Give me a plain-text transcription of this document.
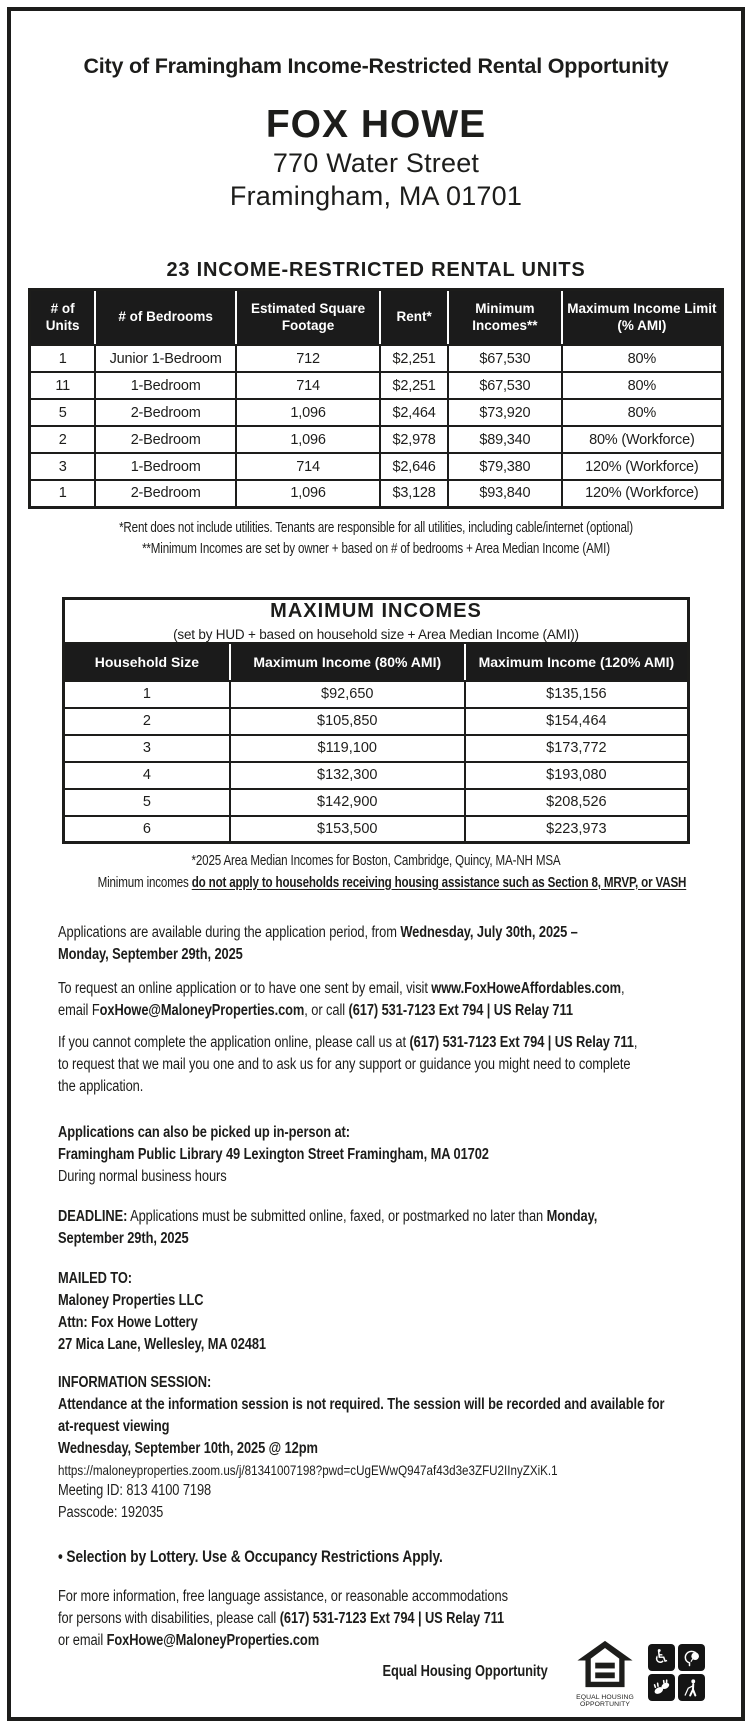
City of Framingham Income-Restricted Rental Opportunity
FOX HOWE
770 Water Street
Framingham, MA 01701
23 INCOME-RESTRICTED RENTAL UNITS
# of Units	# of Bedrooms	Estimated Square Footage	Rent*	Minimum Incomes**	Maximum Income Limit (% AMI)
1	Junior 1-Bedroom	712	$2,251	$67,530	80%
11	1-Bedroom	714	$2,251	$67,530	80%
5	2-Bedroom	1,096	$2,464	$73,920	80%
2	2-Bedroom	1,096	$2,978	$89,340	80% (Workforce)
3	1-Bedroom	714	$2,646	$79,380	120% (Workforce)
1	2-Bedroom	1,096	$3,128	$93,840	120% (Workforce)
*Rent does not include utilities. Tenants are responsible for all utilities, including cable/internet (optional)
**Minimum Incomes are set by owner + based on # of bedrooms + Area Median Income (AMI)
MAXIMUM INCOMES
(set by HUD + based on household size + Area Median Income (AMI))		

Household Size	Maximum Income (80% AMI)	Maximum Income (120% AMI)
1	$92,650	$135,156
2	$105,850	$154,464
3	$119,100	$173,772
4	$132,300	$193,080
5	$142,900	$208,526
6	$153,500	$223,973
*2025 Area Median Incomes for Boston, Cambridge, Quincy, MA-NH MSA
Minimum incomes do not apply to households receiving housing assistance such as Section 8, MRVP, or VASH

Applications are available during the application period, from Wednesday, July 30th, 2025 –
Monday, September 29th, 2025

To request an online application or to have one sent by email, visit www.FoxHoweAffordables.com,
email FoxHowe@MaloneyProperties.com, or call (617) 531-7123 Ext 794 | US Relay 711

If you cannot complete the application online, please call us at (617) 531-7123 Ext 794 | US Relay 711,
to request that we mail you one and to ask us for any support or guidance you might need to complete
the application.

Applications can also be picked up in-person at:
Framingham Public Library 49 Lexington Street Framingham, MA 01702
During normal business hours

DEADLINE: Applications must be submitted online, faxed, or postmarked no later than Monday,
September 29th, 2025

MAILED TO:
Maloney Properties LLC
Attn: Fox Howe Lottery
27 Mica Lane, Wellesley, MA 02481

INFORMATION SESSION:
Attendance at the information session is not required. The session will be recorded and available for
at-request viewing
Wednesday, September 10th, 2025 @ 12pm
https://maloneyproperties.zoom.us/j/81341007198?pwd=cUgEWwQ947af43d3e3ZFU2IInyZXiK.1
Meeting ID: 813 4100 7198
Passcode: 192035

• Selection by Lottery. Use & Occupancy Restrictions Apply.

For more information, free language assistance, or reasonable accommodations
for persons with disabilities, please call (617) 531-7123 Ext 794 | US Relay 711
or email FoxHowe@MaloneyProperties.com

Equal Housing Opportunity
EQUAL HOUSING
OPPORTUNITY
♿
